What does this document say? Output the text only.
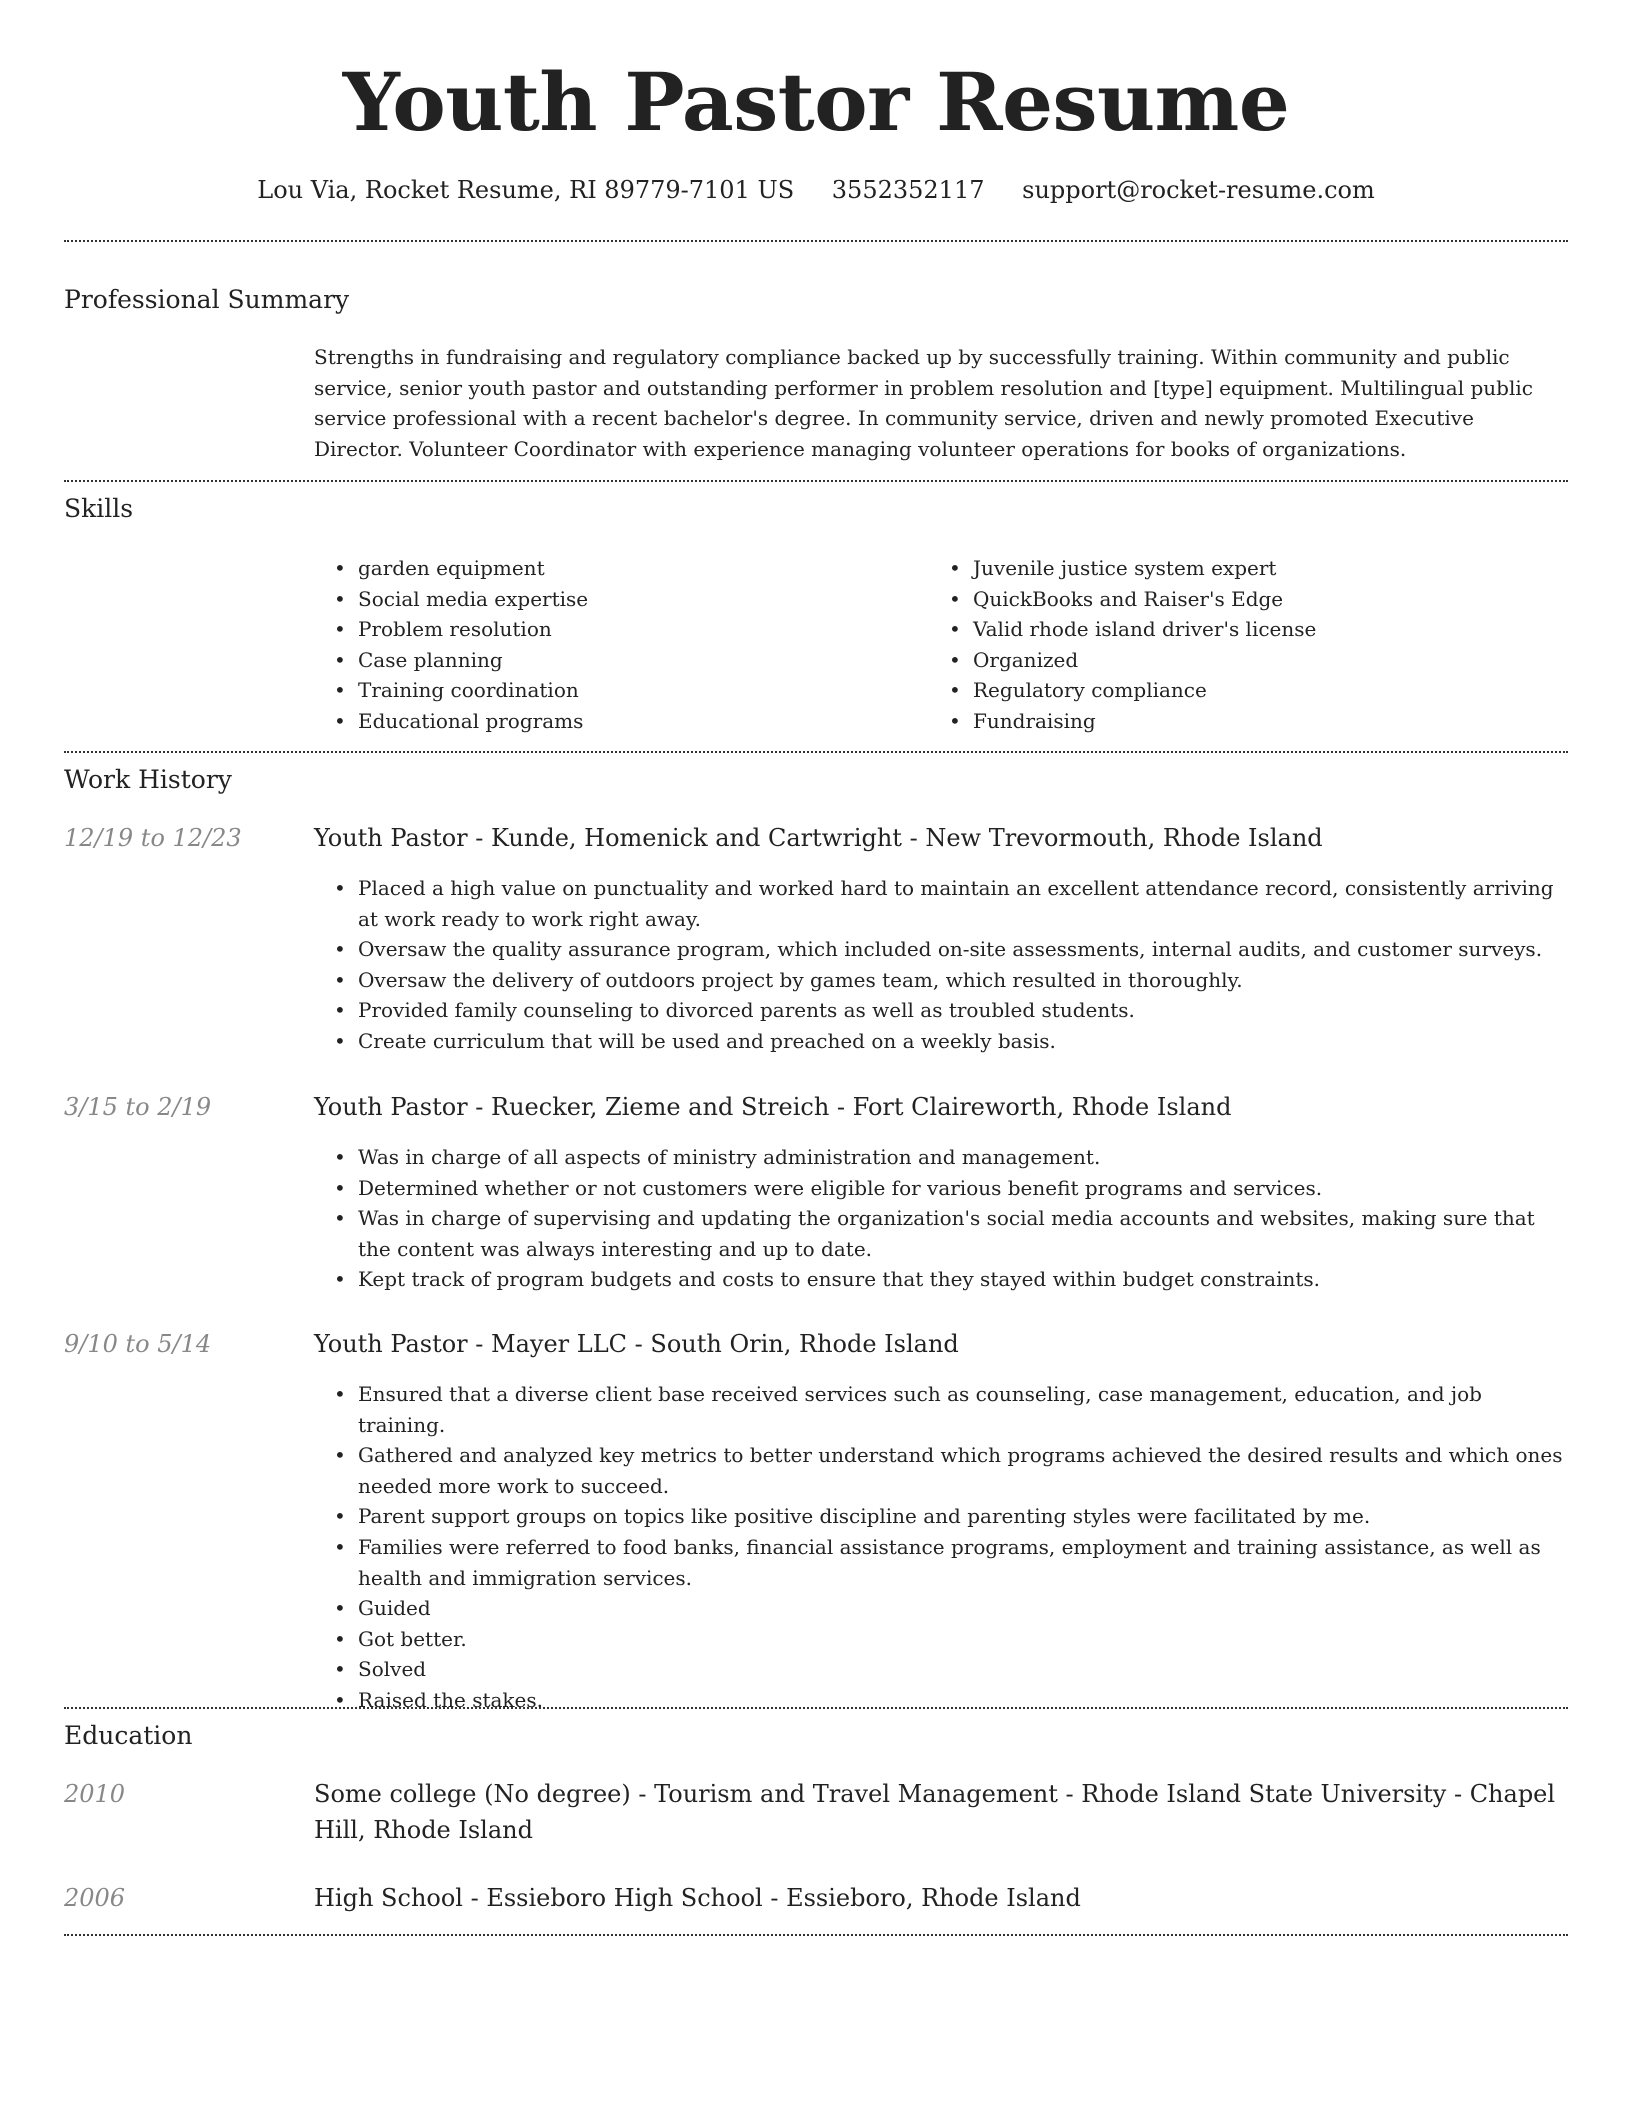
Youth Pastor Resume
Lou Via, Rocket Resume, RI 89779-7101 US 3552352117 support@rocket-resume.com
Professional Summary

Strengths in fundraising and regulatory compliance backed up by successfully training. Within community and public service, senior youth pastor and outstanding performer in problem resolution and [type] equipment. Multilingual public service professional with a recent bachelor's degree. In community service, driven and newly promoted Executive Director. Volunteer Coordinator with experience managing volunteer operations for books of organizations.

Skills
• garden equipment
• Social media expertise
• Problem resolution
• Case planning
• Training coordination
• Educational programs
• Juvenile justice system expert
• QuickBooks and Raiser's Edge
• Valid rhode island driver's license
• Organized
• Regulatory compliance
• Fundraising
Work History
12/19 to 12/23	Youth Pastor - Kunde, Homenick and Cartwright - New Trevormouth, Rhode Island
• Placed a high value on punctuality and worked hard to maintain an excellent attendance record, consistently arriving at work ready to work right away.
• Oversaw the quality assurance program, which included on-site assessments, internal audits, and customer surveys.
• Oversaw the delivery of outdoors project by games team, which resulted in thoroughly.
• Provided family counseling to divorced parents as well as troubled students.
• Create curriculum that will be used and preached on a weekly basis.
3/15 to 2/19	Youth Pastor - Ruecker, Zieme and Streich - Fort Claireworth, Rhode Island
• Was in charge of all aspects of ministry administration and management.
• Determined whether or not customers were eligible for various benefit programs and services.
• Was in charge of supervising and updating the organization's social media accounts and websites, making sure that the content was always interesting and up to date.
• Kept track of program budgets and costs to ensure that they stayed within budget constraints.
9/10 to 5/14	Youth Pastor - Mayer LLC - South Orin, Rhode Island
• Ensured that a diverse client base received services such as counseling, case management, education, and job training.
• Gathered and analyzed key metrics to better understand which programs achieved the desired results and which ones needed more work to succeed.
• Parent support groups on topics like positive discipline and parenting styles were facilitated by me.
• Families were referred to food banks, financial assistance programs, employment and training assistance, as well as health and immigration services.
• Guided
• Got better.
• Solved
• Raised the stakes.
Education
2010	Some college (No degree) - Tourism and Travel Management - Rhode Island State University - Chapel Hill, Rhode Island
2006	High School - Essieboro High School - Essieboro, Rhode Island
